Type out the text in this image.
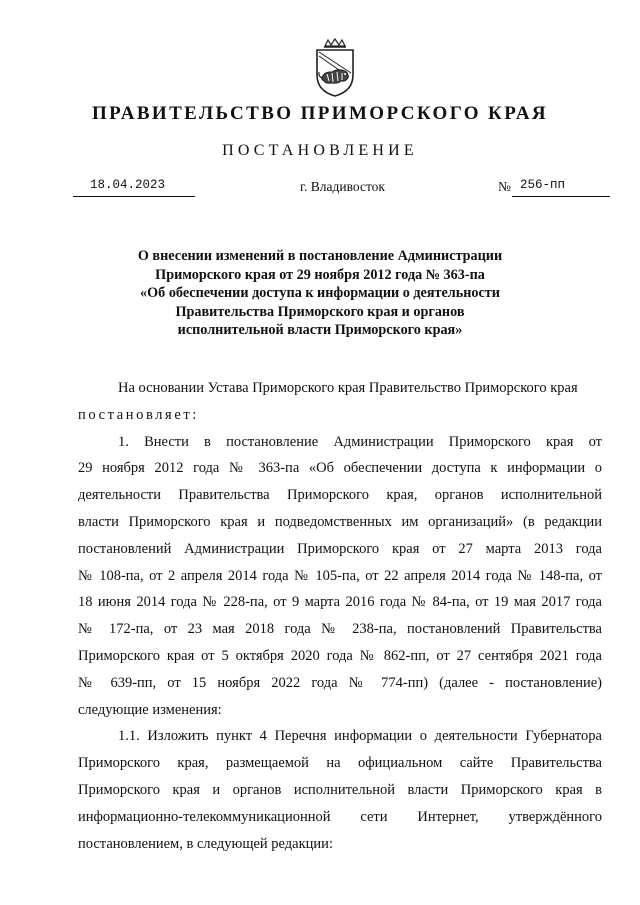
ПРАВИТЕЛЬСТВО ПРИМОРСКОГО КРАЯ
ПОСТАНОВЛЕНИЕ
18.04.2023	г. Владивосток	№ 256-пп
О внесении изменений в постановление Администрации
Приморского края от 29 ноября 2012 года № 363-па
«Об обеспечении доступа к информации о деятельности
Правительства Приморского края и органов
исполнительной власти Приморского края»
На основании Устава Приморского края Правительство Приморского края
постановляет:
1. Внести в постановление Администрации Приморского края от
29 ноября 2012 года № 363-па «Об обеспечении доступа к информации о
деятельности Правительства Приморского края, органов исполнительной
власти Приморского края и подведомственных им организаций» (в редакции
постановлений Администрации Приморского края от 27 марта 2013 года
№ 108-па, от 2 апреля 2014 года № 105-па, от 22 апреля 2014 года № 148-па, от
18 июня 2014 года № 228-па, от 9 марта 2016 года № 84-па, от 19 мая 2017 года
№ 172-па, от 23 мая 2018 года № 238-па, постановлений Правительства
Приморского края от 5 октября 2020 года № 862-пп, от 27 сентября 2021 года
№ 639-пп, от 15 ноября 2022 года № 774-пп) (далее - постановление)
следующие изменения:
1.1. Изложить пункт 4 Перечня информации о деятельности Губернатора
Приморского края, размещаемой на официальном сайте Правительства
Приморского края и органов исполнительной власти Приморского края в
информационно-телекоммуникационной сети Интернет, утверждённого
постановлением, в следующей редакции:
